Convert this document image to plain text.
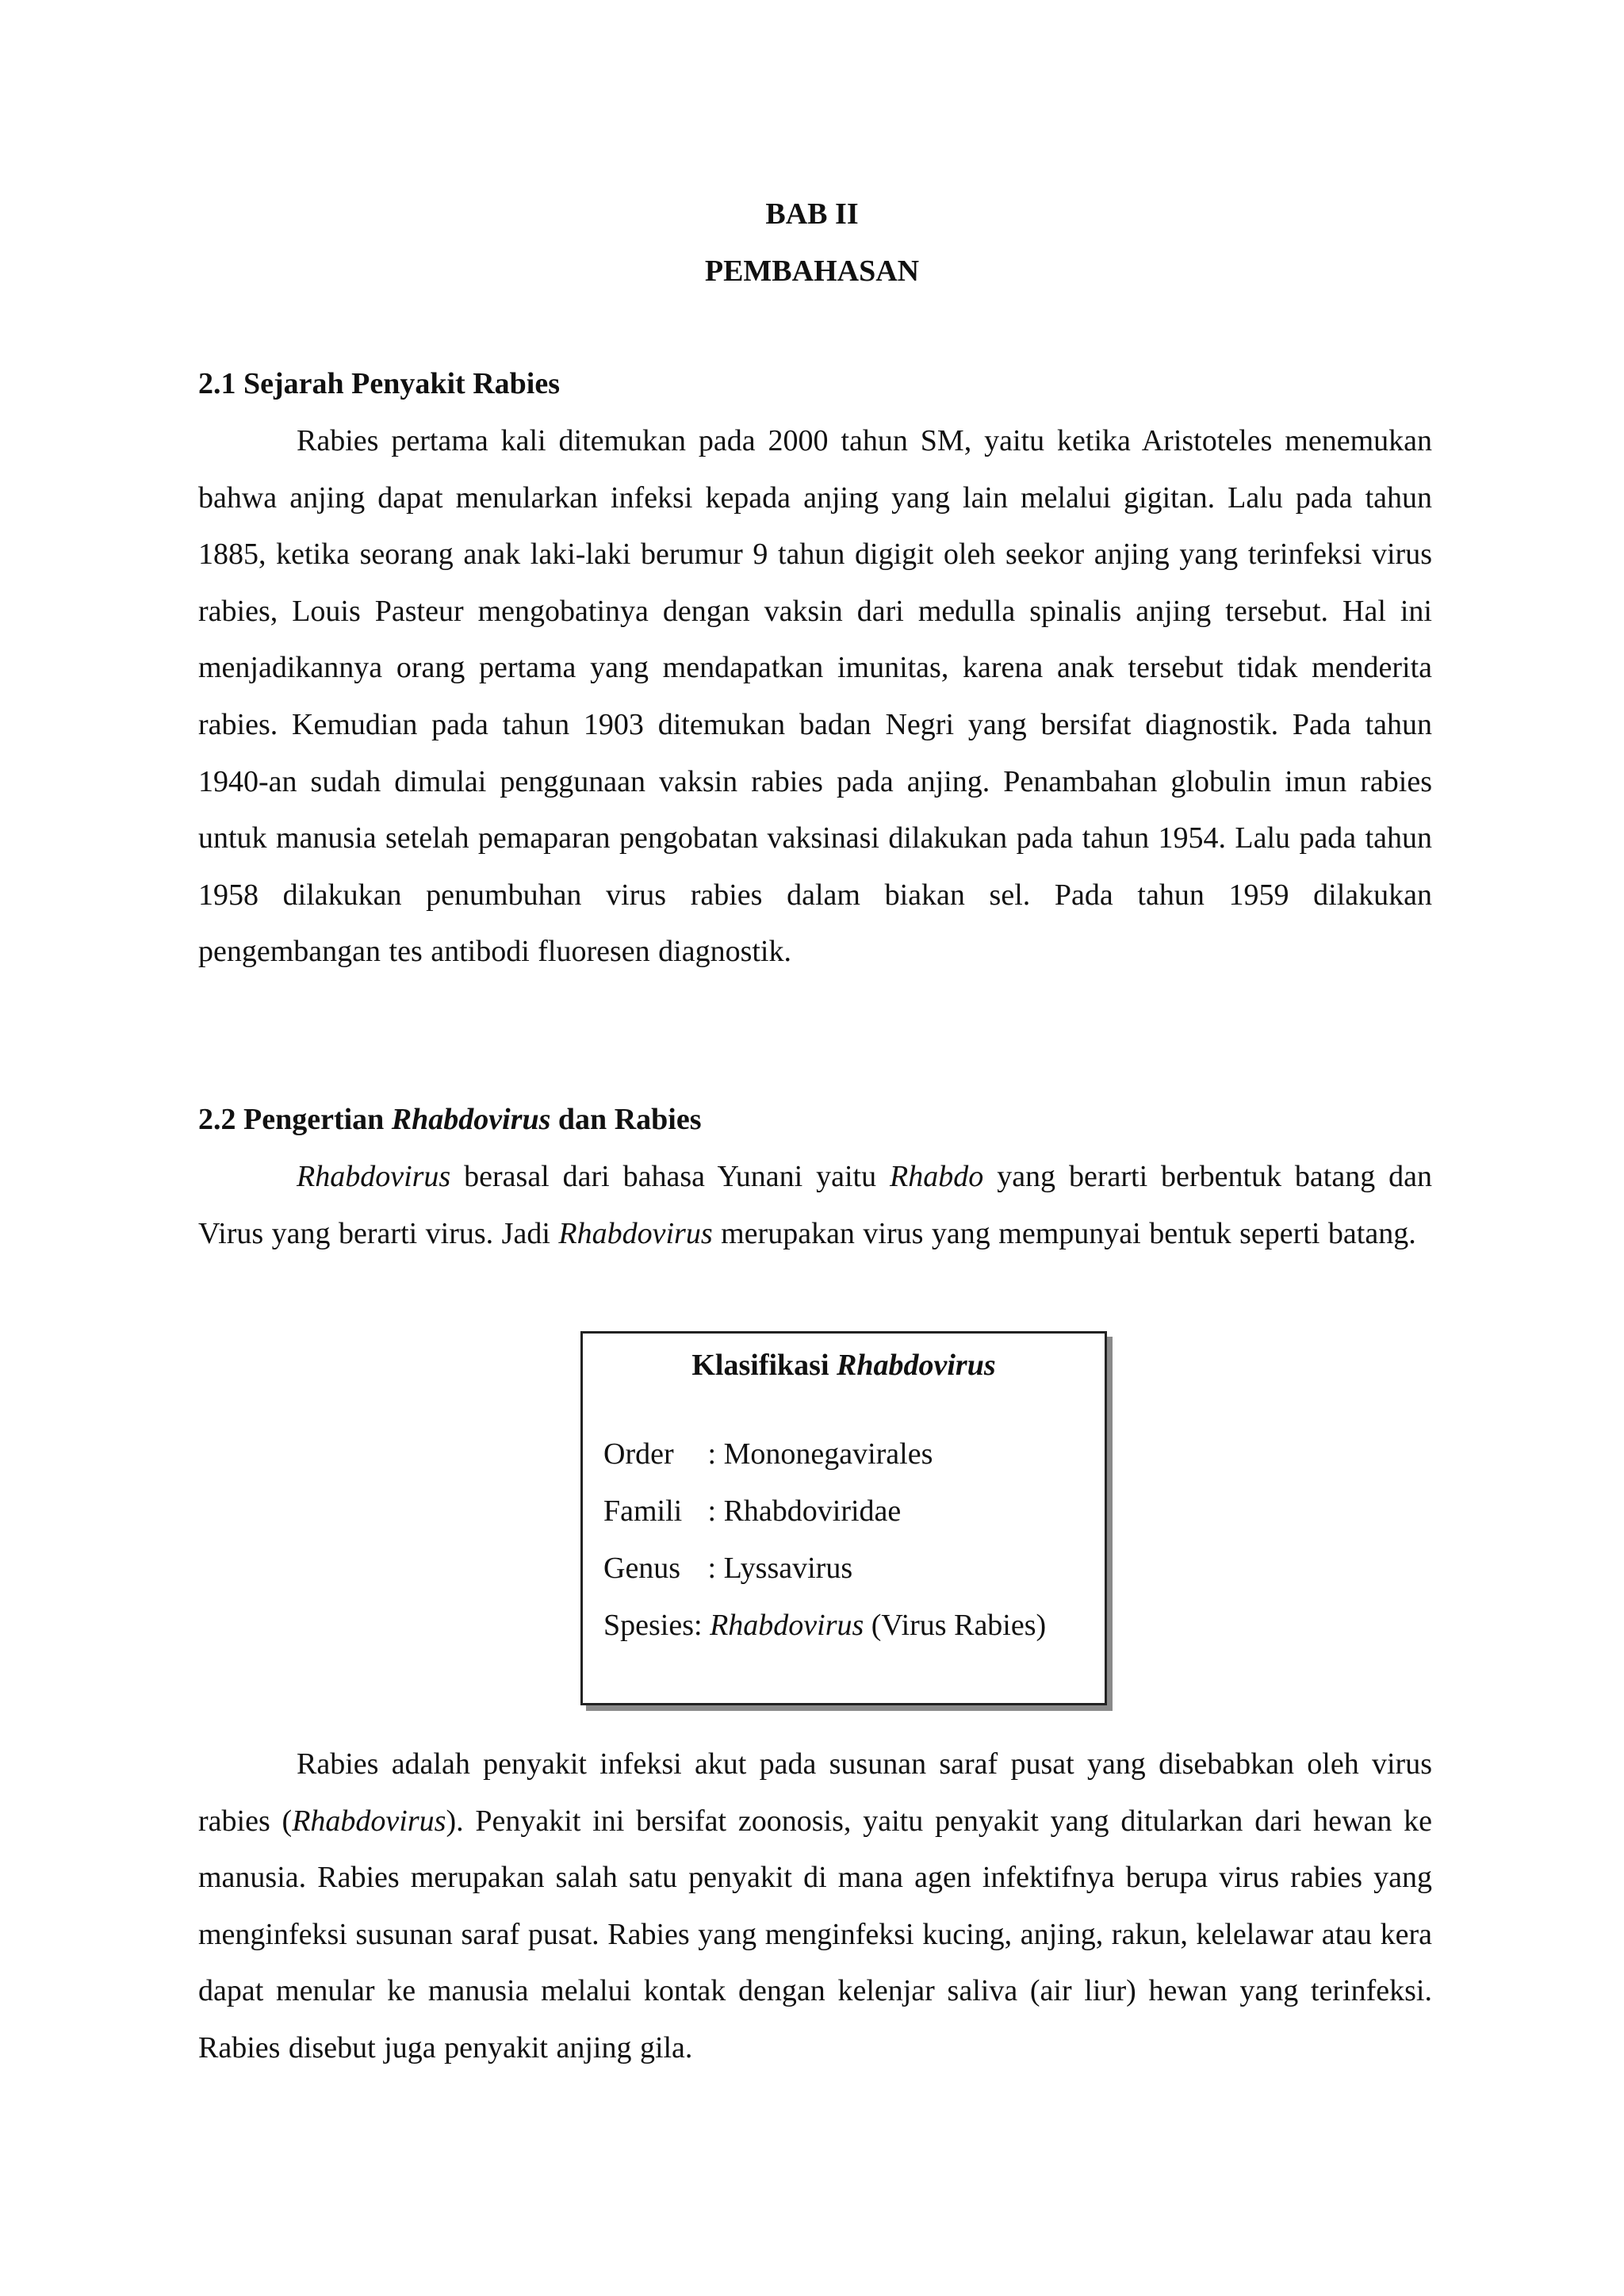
BAB II
PEMBAHASAN
2.1 Sejarah Penyakit Rabies

Rabies pertama kali ditemukan pada 2000 tahun SM, yaitu ketika Aristoteles menemukan bahwa anjing dapat menularkan infeksi kepada anjing yang lain melalui gigitan. Lalu pada tahun 1885, ketika seorang anak laki-laki berumur 9 tahun digigit oleh seekor anjing yang terinfeksi virus rabies, Louis Pasteur mengobatinya dengan vaksin dari medulla spinalis anjing tersebut. Hal ini menjadikannya orang pertama yang mendapatkan imunitas, karena anak tersebut tidak menderita rabies. Kemudian pada tahun 1903 ditemukan badan Negri yang bersifat diagnostik. Pada tahun 1940-an sudah dimulai penggunaan vaksin rabies pada anjing. Penambahan globulin imun rabies untuk manusia setelah pemaparan pengobatan vaksinasi dilakukan pada tahun 1954. Lalu pada tahun 1958 dilakukan penumbuhan virus rabies dalam biakan sel. Pada tahun 1959 dilakukan pengembangan tes antibodi fluoresen diagnostik.

2.2 Pengertian Rhabdovirus dan Rabies

Rhabdovirus berasal dari bahasa Yunani yaitu Rhabdo yang berarti berbentuk batang dan Virus yang berarti virus. Jadi Rhabdovirus merupakan virus yang mempunyai bentuk seperti batang.

Klasifikasi Rhabdovirus
Order : Mononegavirales
Famili : Rhabdoviridae
Genus : Lyssavirus
Spesies: Rhabdovirus (Virus Rabies)

Rabies adalah penyakit infeksi akut pada susunan saraf pusat yang disebabkan oleh virus rabies (Rhabdovirus). Penyakit ini bersifat zoonosis, yaitu penyakit yang ditularkan dari hewan ke manusia. Rabies merupakan salah satu penyakit di mana agen infektifnya berupa virus rabies yang menginfeksi susunan saraf pusat. Rabies yang menginfeksi kucing, anjing, rakun, kelelawar atau kera dapat menular ke manusia melalui kontak dengan kelenjar saliva (air liur) hewan yang terinfeksi. Rabies disebut juga penyakit anjing gila.
